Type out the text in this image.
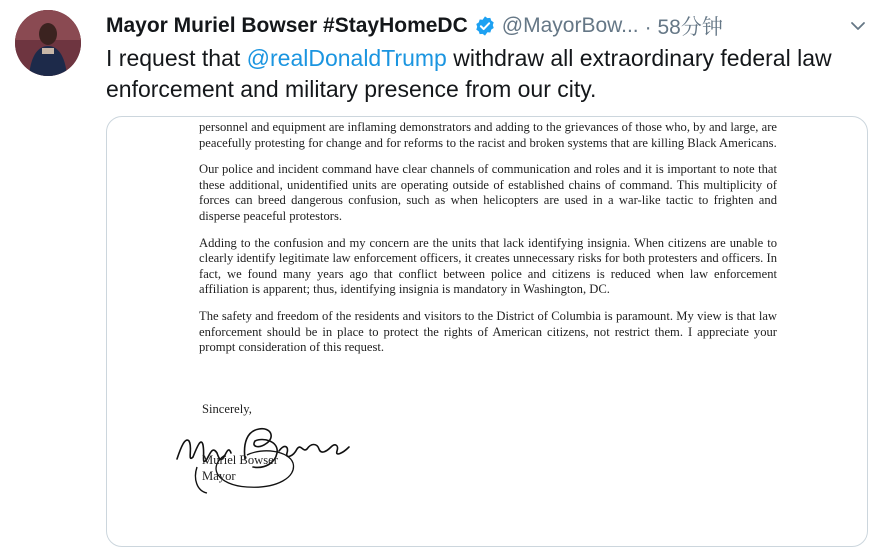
Mayor Muriel Bowser #StayHomeDC @MayorBow... · 58分钟

I request that @realDonaldTrump withdraw all extraordinary federal law enforcement and military presence from our city.

personnel and equipment are inflaming demonstrators and adding to the grievances of those who, by and large, are peacefully protesting for change and for reforms to the racist and broken systems that are killing Black Americans.

Our police and incident command have clear channels of communication and roles and it is important to note that these additional, unidentified units are operating outside of established chains of command. This multiplicity of forces can breed dangerous confusion, such as when helicopters are used in a war-like tactic to frighten and disperse peaceful protestors.

Adding to the confusion and my concern are the units that lack identifying insignia. When citizens are unable to clearly identify legitimate law enforcement officers, it creates unnecessary risks for both protesters and officers. In fact, we found many years ago that conflict between police and citizens is reduced when law enforcement affiliation is apparent; thus, identifying insignia is mandatory in Washington, DC.

The safety and freedom of the residents and visitors to the District of Columbia is paramount. My view is that law enforcement should be in place to protect the rights of American citizens, not restrict them. I appreciate your prompt consideration of this request.

Sincerely,
Muriel Bowser
Mayor
